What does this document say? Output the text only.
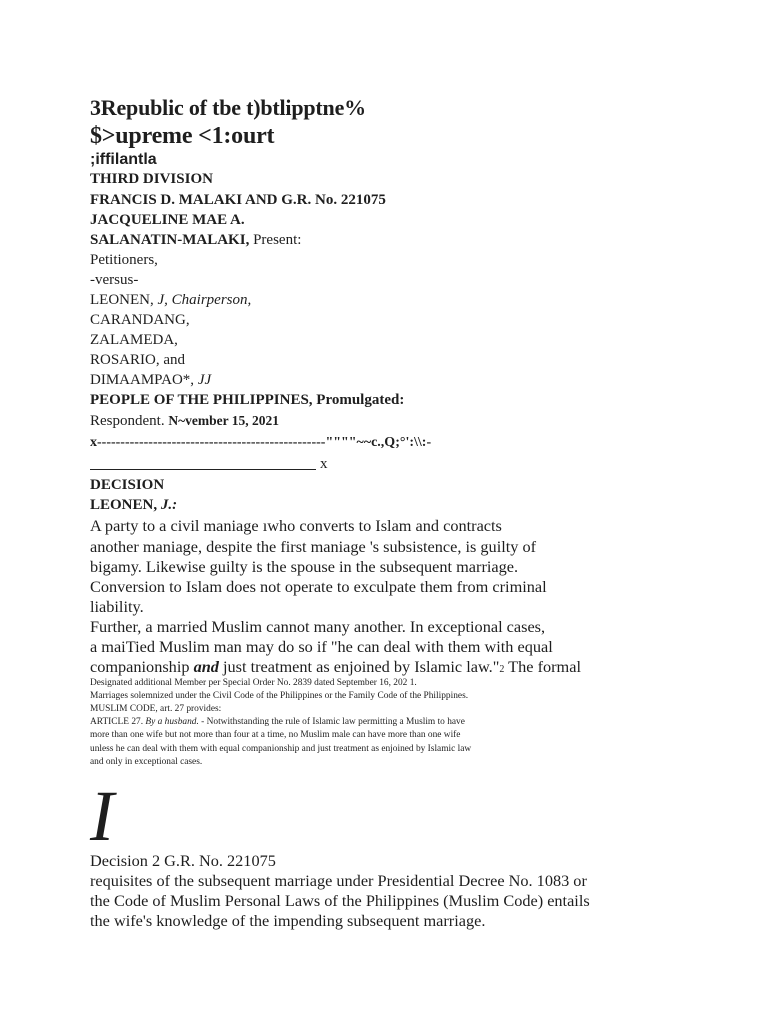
3Republic of tbe t)btlipptne%
$>upreme <1:ourt
;iffilantla
THIRD DIVISION
FRANCIS D. MALAKI AND G.R. No. 221075
JACQUELINE MAE A.
SALANATIN-MALAKI, Present:
Petitioners,
-versus-
LEONEN, J, Chairperson,
CARANDANG,
ZALAMEDA,
ROSARIO, and
DIMAAMPAO*, JJ
PEOPLE OF THE PHILIPPINES, Promulgated:
Respondent. N~vember 15, 2021
x-------------------------------------------------""""~~c.,Q;°':\\:-
x
DECISION
LEONEN, J.:
A party to a civil maniage ıwho converts to Islam and contracts
another maniage, despite the first maniage 's subsistence, is guilty of
bigamy. Likewise guilty is the spouse in the subsequent marriage.
Conversion to Islam does not operate to exculpate them from criminal
liability.
Further, a married Muslim cannot many another. In exceptional cases,
a maiTied Muslim man may do so if "he can deal with them with equal
companionship and just treatment as enjoined by Islamic law."2 The formal
Designated additional Member per Special Order No. 2839 dated September 16, 202 1.
Marriages solemnized under the Civil Code of the Philippines or the Family Code of the Philippines.
MUSLIM CODE, art. 27 provides:
ARTICLE 27. By a husband. - Notwithstanding the rule of Islamic law permitting a Muslim to have
more than one wife but not more than four at a time, no Muslim male can have more than one wife
unless he can deal with them with equal companionship and just treatment as enjoined by Islamic law
and only in exceptional cases.
I
Decision 2 G.R. No. 221075
requisites of the subsequent marriage under Presidential Decree No. 1083 or
the Code of Muslim Personal Laws of the Philippines (Muslim Code) entails
the wife's knowledge of the impending subsequent marriage.
